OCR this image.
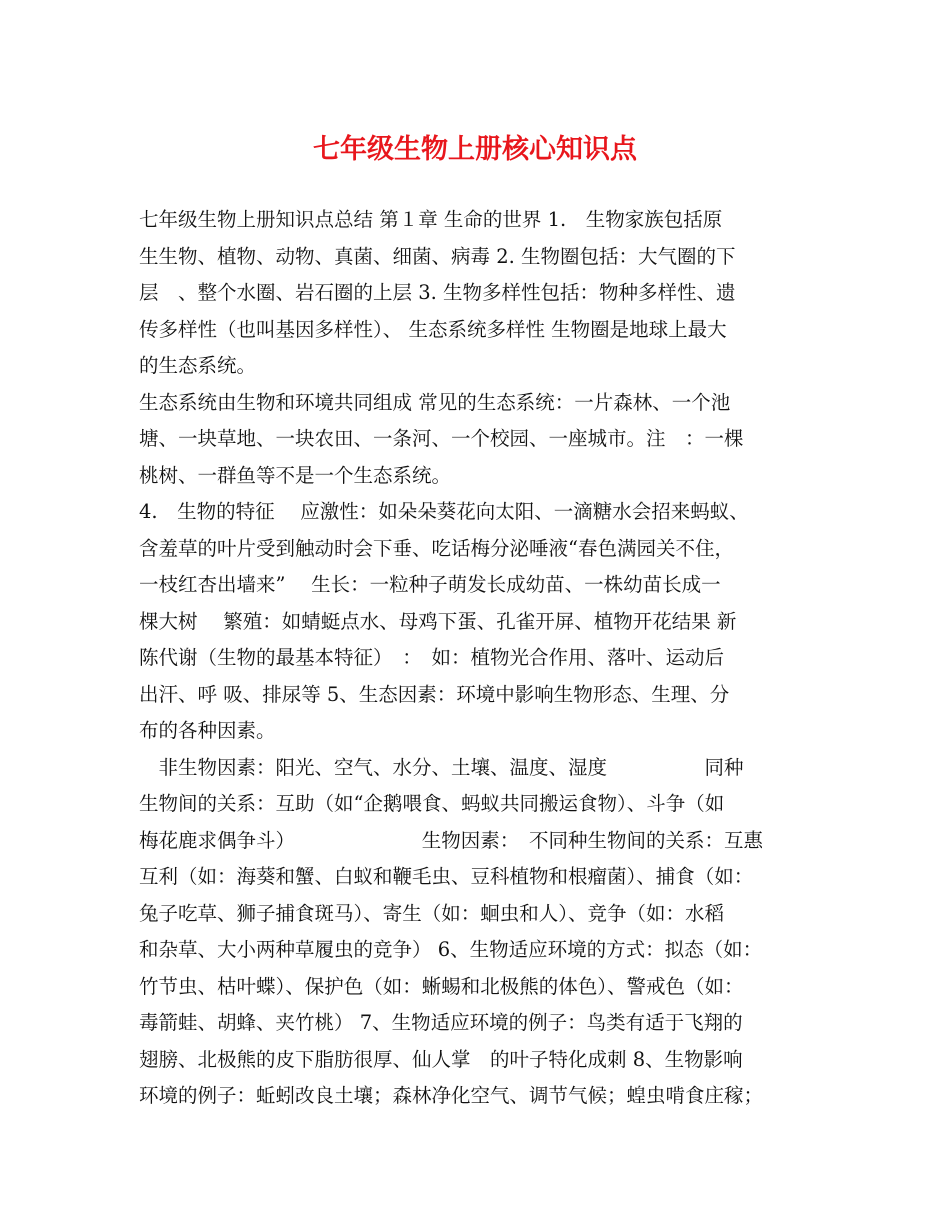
七年级生物上册核心知识点
七年级生物上册知识点总结 第１章 生命的世界 1.　生物家族包括原
生生物、植物、动物、真菌、细菌、病毒 2. 生物圈包括：大气圈的下
层　、整个水圈、岩石圈的上层 3. 生物多样性包括：物种多样性、遗
传多样性（也叫基因多样性）、 生态系统多样性 生物圈是地球上最大
的生态系统。
生态系统由生物和环境共同组成 常见的生态系统：一片森林、一个池
塘、一块草地、一块农田、一条河、一个校园、一座城市。注　：一棵
桃树、一群鱼等不是一个生态系统。
4.　生物的特征　 应激性：如朵朵葵花向太阳、一滴糖水会招来蚂蚁、
含羞草的叶片受到触动时会下垂、吃话梅分泌唾液“春色满园关不住，
一枝红杏出墙来”　 生长：一粒种子萌发长成幼苗、一株幼苗长成一
棵大树　 繁殖：如蜻蜓点水、母鸡下蛋、孔雀开屏、植物开花结果 新
陈代谢（生物的最基本特征）　：　如：植物光合作用、落叶、运动后
出汗、呼 吸、排尿等 5、生态因素：环境中影响生物形态、生理、分
布的各种因素。
　非生物因素：阳光、空气、水分、土壤、温度、湿度　　　　　同种
生物间的关系：互助（如“企鹅喂食、蚂蚁共同搬运食物）、斗争（如
梅花鹿求偶争斗）　　　　　　　生物因素：　不同种生物间的关系：互惠
互利（如：海葵和蟹、白蚁和鞭毛虫、豆科植物和根瘤菌）、捕食（如：
兔子吃草、狮子捕食斑马）、寄生（如：蛔虫和人）、竞争（如：水稻
和杂草、大小两种草履虫的竞争） 6、生物适应环境的方式：拟态（如：
竹节虫、枯叶蝶）、保护色（如：蜥蜴和北极熊的体色）、警戒色（如：
毒箭蛙、胡蜂、夹竹桃） 7、生物适应环境的例子：鸟类有适于飞翔的
翅膀、北极熊的皮下脂肪很厚、仙人掌　的叶子特化成刺 8、生物影响
环境的例子：蚯蚓改良土壤；森林净化空气、调节气候；蝗虫啃食庄稼；
